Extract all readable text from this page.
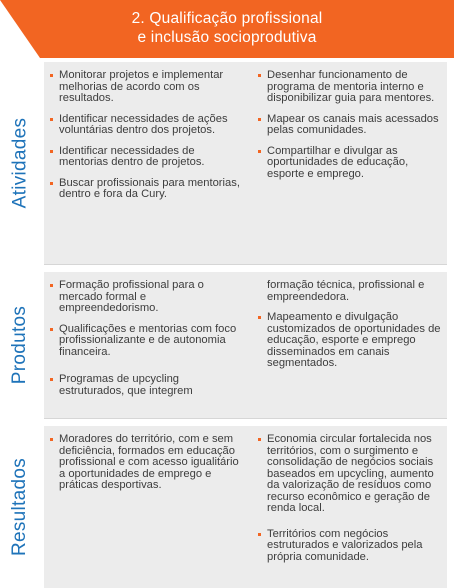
2. Qualificação profissional
e inclusão socioprodutiva
Atividades
Monitorar projetos e implementar melhorias de acordo com os resultados.
Identificar necessidades de ações voluntárias dentro dos projetos.
Identificar necessidades de mentorias dentro de projetos.
Buscar profissionais para mentorias, dentro e fora da Cury.
Desenhar funcionamento de programa de mentoria interno e disponibilizar guia para mentores.
Mapear os canais mais acessados pelas comunidades.
Compartilhar e divulgar as oportunidades de educação, esporte e emprego.
Produtos
Formação profissional para o mercado formal e empreendedorismo.
Qualificações e mentorias com foco profissionalizante e de autonomia financeira.
Programas de upcycling estruturados, que integrem
formação técnica, profissional e empreendedora.
Mapeamento e divulgação customizados de oportunidades de educação, esporte e emprego disseminados em canais segmentados.
Resultados
Moradores do território, com e sem deficiência, formados em educação profissional e com acesso igualitário a oportunidades de emprego e práticas desportivas.
Economia circular fortalecida nos territórios, com o surgimento e consolidação de negócios sociais baseados em upcycling, aumento da valorização de resíduos como recurso econômico e geração de renda local.
Territórios com negócios estruturados e valorizados pela própria comunidade.
